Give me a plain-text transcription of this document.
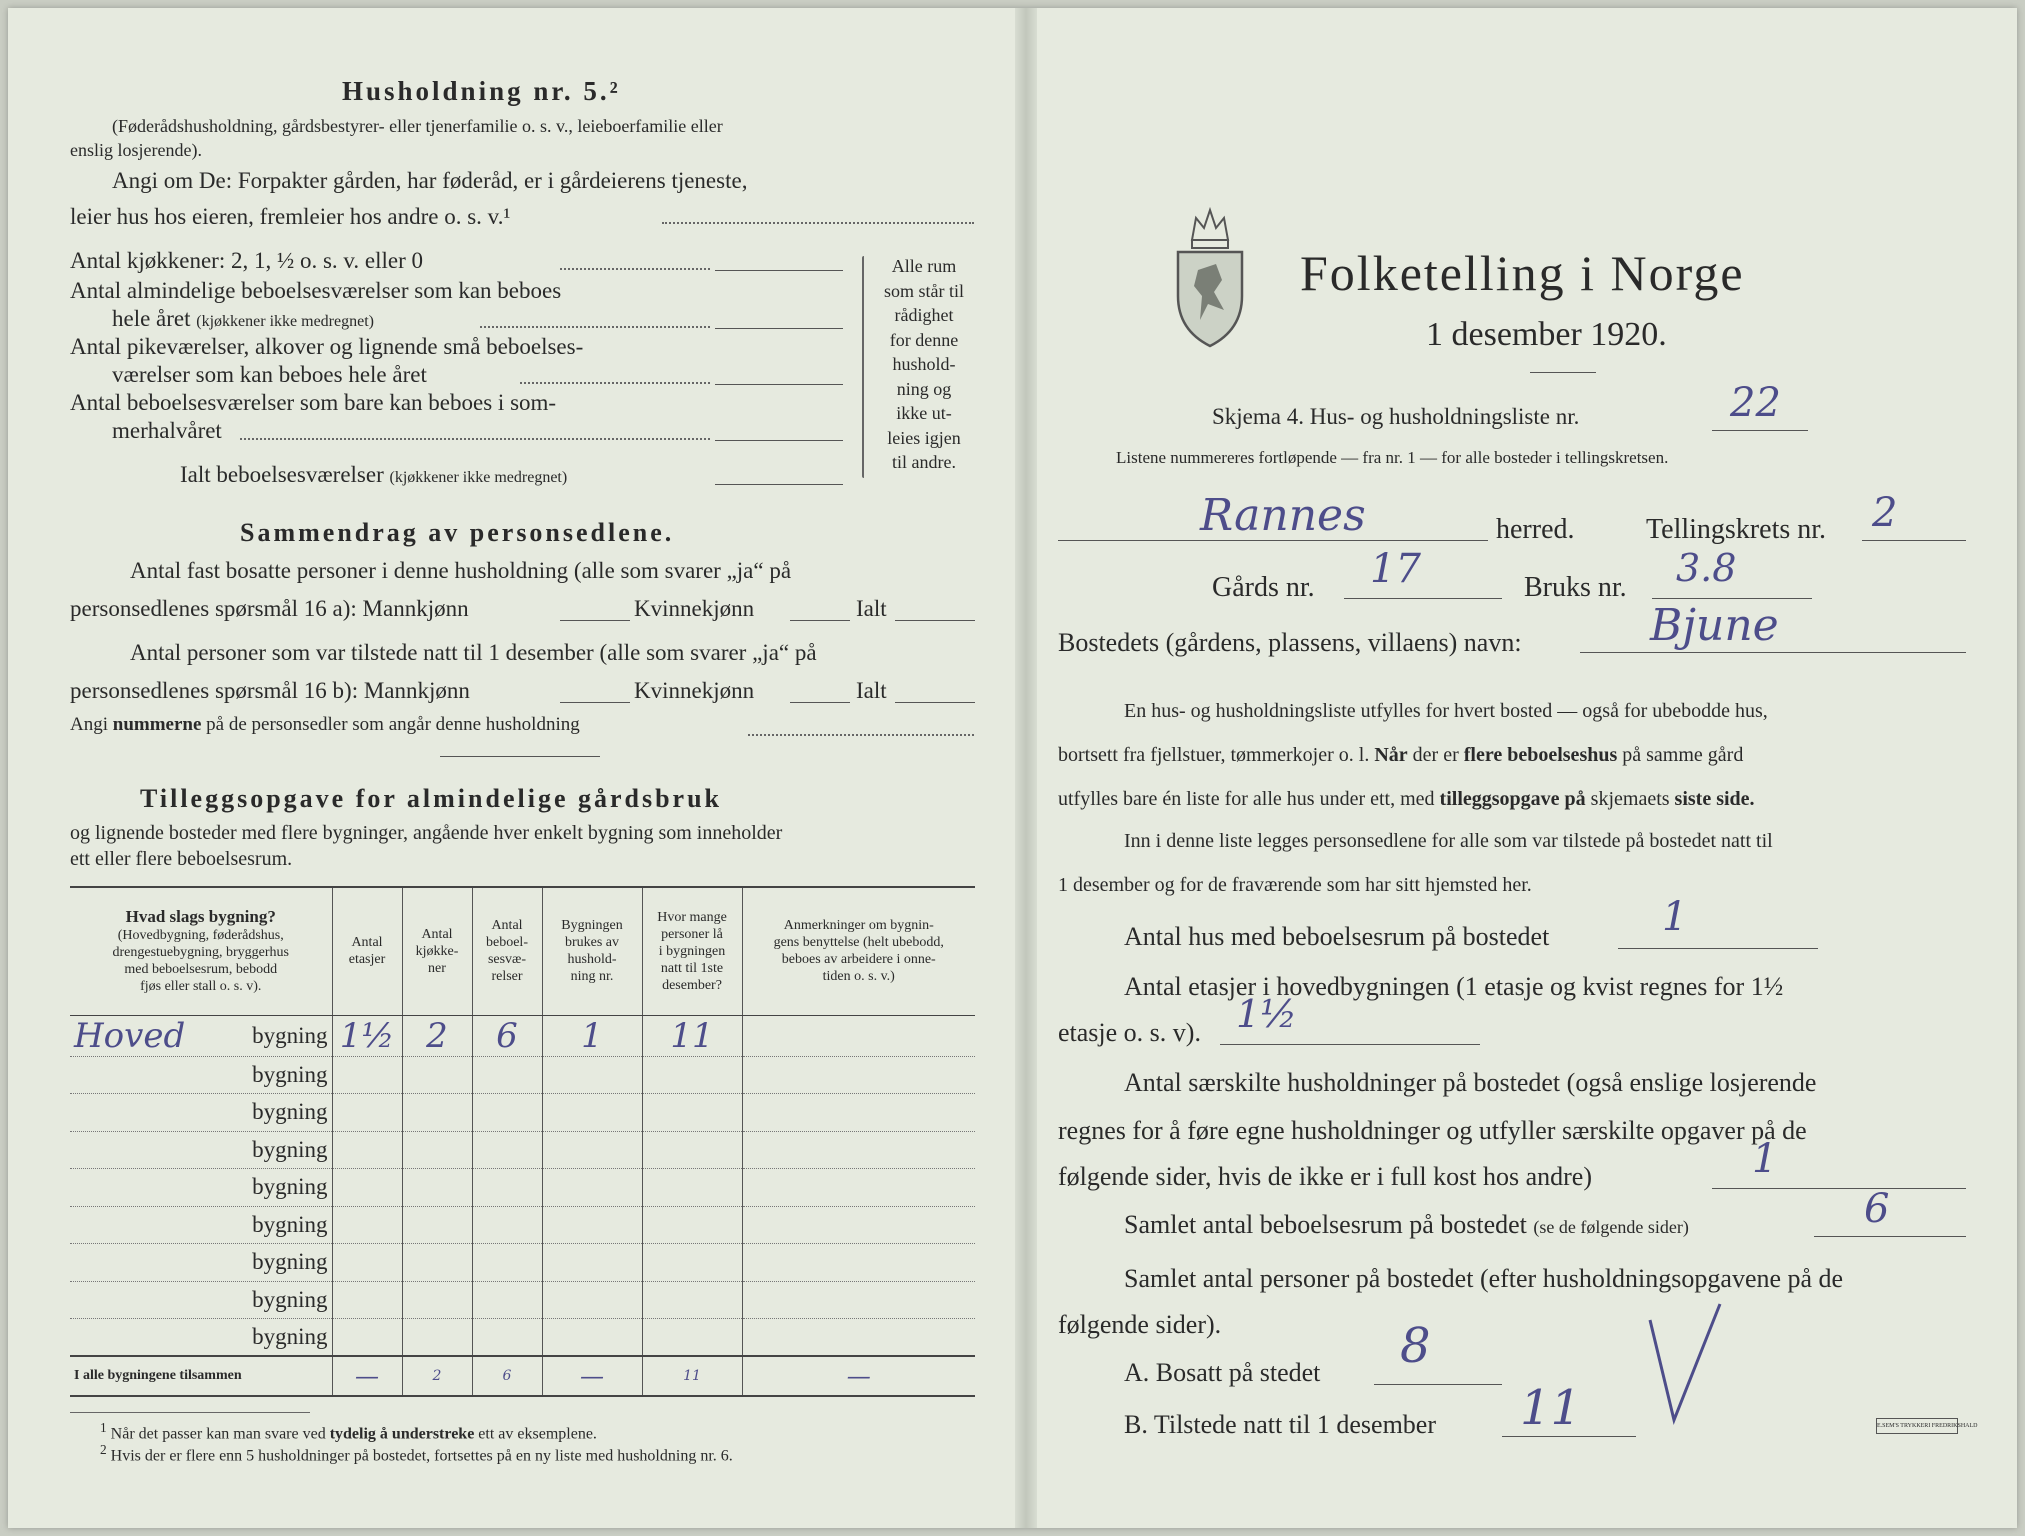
Husholdning nr. 5.²
(Føderådshusholdning, gårdsbestyrer- eller tjenerfamilie o. s. v., leieboerfamilie eller
enslig losjerende).
Angi om De: Forpakter gården, har føderåd, er i gårdeierens tjeneste,
leier hus hos eieren, fremleier hos andre o. s. v.¹
Antal kjøkkener: 2, 1, ½ o. s. v. eller 0
Antal almindelige beboelsesværelser som kan beboes
hele året (kjøkkener ikke medregnet)
Antal pikeværelser, alkover og lignende små beboelses-
værelser som kan beboes hele året
Antal beboelsesværelser som bare kan beboes i som-
merhalvåret
Ialt beboelsesværelser (kjøkkener ikke medregnet)
Alle rum
som står til
rådighet
for denne
hushold-
ning og
ikke ut-
leies igjen
til andre.
Sammendrag av personsedlene.
Antal fast bosatte personer i denne husholdning (alle som svarer „ja“ på
personsedlenes spørsmål 16 a): Mannkjønn	Kvinnekjønn	Ialt
Antal personer som var tilstede natt til 1 desember (alle som svarer „ja“ på
personsedlenes spørsmål 16 b): Mannkjønn	Kvinnekjønn	Ialt
Angi nummerne på de personsedler som angår denne husholdning
Tilleggsopgave for almindelige gårdsbruk
og lignende bosteder med flere bygninger, angående hver enkelt bygning som inneholder
ett eller flere beboelsesrum.
Hvad slags bygning?
(Hovedbygning, føderådshus,
drengestuebygning, bryggerhus
med beboelsesrum, bebodd
fjøs eller stall o. s. v).	Antal
etasjer	Antal
kjøkke-
ner	Antal
beboel-
sesvæ-
relser	Bygningen
brukes av
hushold-
ning nr.	Hvor mange
personer lå
i bygningen
natt til 1ste
desember?	Anmerkninger om bygnin-
gens benyttelse (helt ubebodd,
beboes av arbeidere i onne-
tiden o. s. v.)

Hoved bygning	1½	2	6	1	11	

bygning						

bygning						

bygning						

bygning						

bygning						

bygning						

bygning						

bygning						
I alle bygningene tilsammen	—	2	6	—	11	—
$^1$ Når det passer kan man svare ved tydelig å understreke ett av eksemplene.
$^2$ Hvis der er flere enn 5 husholdninger på bostedet, fortsettes på en ny liste med husholdning nr. 6.
Folketelling i Norge
1 desember 1920.
Skjema 4. Hus- og husholdningsliste nr.	22
Listene nummereres fortløpende — fra nr. 1 — for alle bosteder i tellingskretsen.
Rannes	herred.	Tellingskrets nr. 2
Gårds nr. 17	Bruks nr. 3.8
Bostedets (gårdens, plassens, villaens) navn:	Bjune
En hus- og husholdningsliste utfylles for hvert bosted — også for ubebodde hus,
bortsett fra fjellstuer, tømmerkojer o. l. Når der er flere beboelseshus på samme gård
utfylles bare én liste for alle hus under ett, med tilleggsopgave på skjemaets siste side.
Inn i denne liste legges personsedlene for alle som var tilstede på bostedet natt til
1 desember og for de fraværende som har sitt hjemsted her.
Antal hus med beboelsesrum på bostedet	1
Antal etasjer i hovedbygningen (1 etasje og kvist regnes for 1½
etasje o. s. v). 1½
Antal særskilte husholdninger på bostedet (også enslige losjerende
regnes for å føre egne husholdninger og utfyller særskilte opgaver på de
følgende sider, hvis de ikke er i full kost hos andre)	1
Samlet antal beboelsesrum på bostedet (se de følgende sider)	6
Samlet antal personer på bostedet (efter husholdningsopgavene på de
følgende sider).
A. Bosatt på stedet 8
B. Tilstede natt til 1 desember 11	E.SEM'S TRYKKERI FREDRIKSHALD
